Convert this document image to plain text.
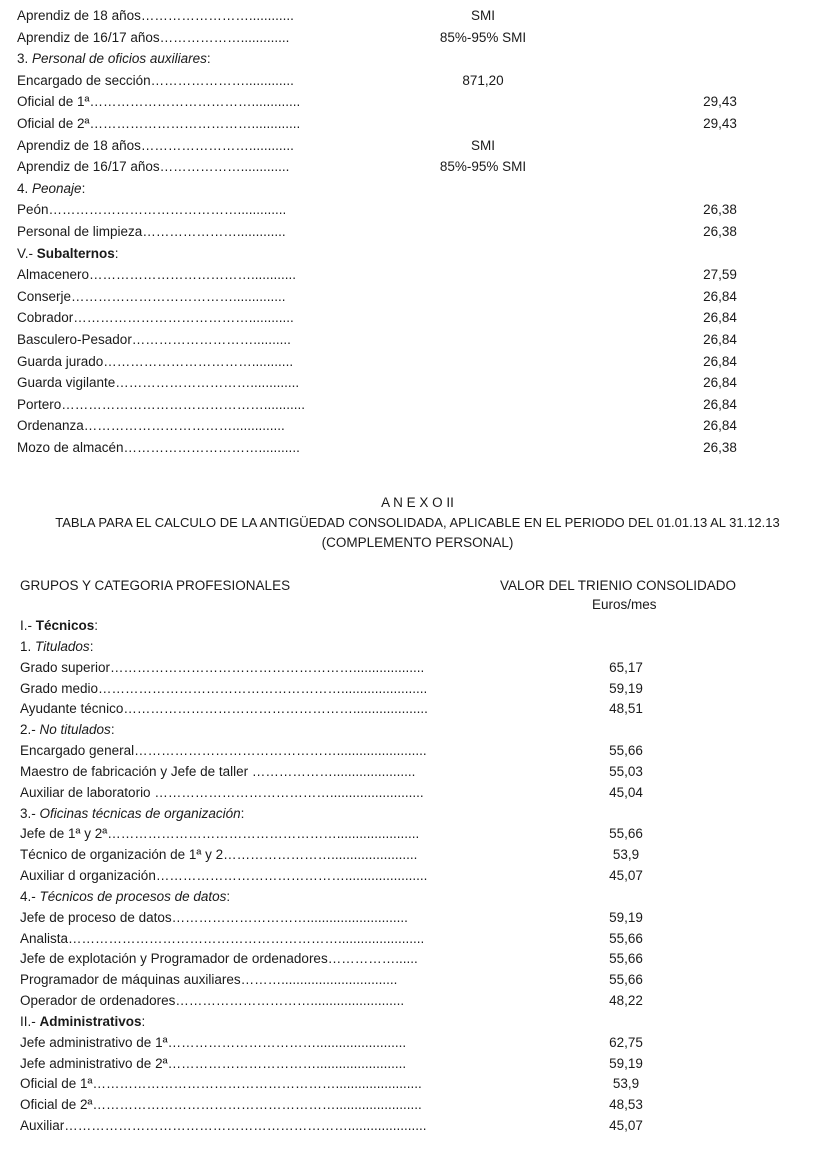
Aprendiz de 18 años……………………............	SMI
Aprendiz de 16/17 años……………….............	85%-95% SMI
3. Personal de oficios auxiliares:
Encargado de sección………………….............	871,20
Oficial de 1ª……………………………….............	29,43
Oficial de 2ª……………………………….............	29,43
Aprendiz de 18 años……………………............	SMI
Aprendiz de 16/17 años……………….............	85%-95% SMI
4. Peonaje:
Peón…………………………………….............	26,38
Personal de limpieza………………….............	26,38
V.- Subalternos:
Almacenero………………………………............	27,59
Conserje………………………………..............	26,84
Cobrador…………………………………............	26,84
Basculero-Pesador………………………..........	26,84
Guarda jurado……………………………...........	26,84
Guarda vigilante………………………….............	26,84
Portero………………………………………...........	26,84
Ordenanza……………………………..............	26,84
Mozo de almacén…………………………...........	26,38
A N E X O II
TABLA PARA EL CALCULO DE LA ANTIGÜEDAD CONSOLIDADA, APLICABLE EN EL PERIODO DEL 01.01.13 AL 31.12.13
(COMPLEMENTO PERSONAL)
GRUPOS Y CATEGORIA PROFESIONALES	VALOR DEL TRIENIO CONSOLIDADO
Euros/mes
I.- Técnicos:
1. Titulados:
Grado superior………………………………………………...................	65,17
Grado medio……………………………………………….......................	59,19
Ayudante técnico……………………………………………....................	48,51
2.- No titulados:
Encargado general………………………………………........................	55,66
Maestro de fabricación y Jefe de taller ………………......................	55,03
Auxiliar de laboratorio ………………………………….........................	45,04
3.- Oficinas técnicas de organización:
Jefe de 1ª y 2ª……………………………………………......................	55,66
Técnico de organización de 1ª y 2…………………….......................	53,9
Auxiliar d organización……………………………………......................	45,07
4.- Técnicos de procesos de datos:
Jefe de proceso de datos…………………………...........................	59,19
Analista…………………………………………………….......................	55,66
Jefe de explotación y Programador de ordenadores……………......	55,66
Programador de máquinas auxiliares………...............................	55,66
Operador de ordenadores………………………….........................	48,22
II.- Administrativos:
Jefe administrativo de 1ª……………………………........................	62,75
Jefe administrativo de 2ª……………………………........................	59,19
Oficial de 1ª……………………………………………….......................	53,9
Oficial de 2ª……………………………………………….......................	48,53
Auxiliar……………………………………………………….....................	45,07
